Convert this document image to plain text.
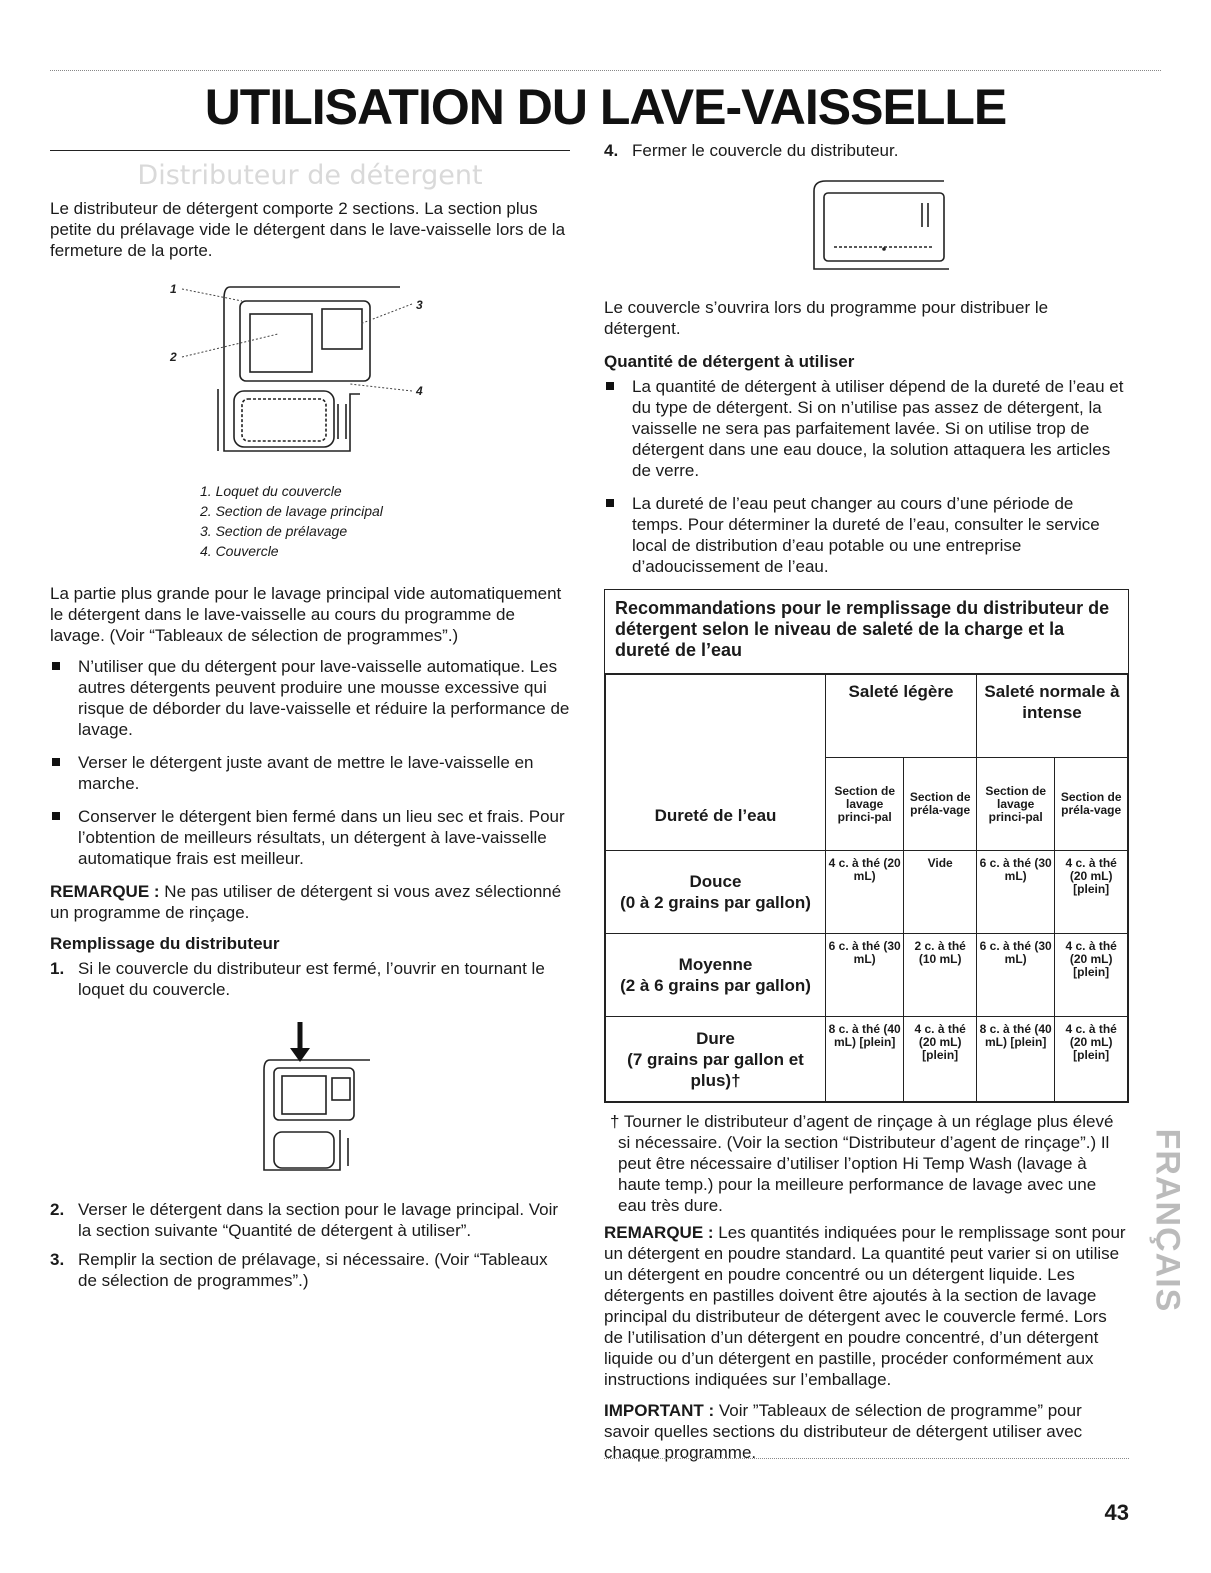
UTILISATION DU LAVE-VAISSELLE
Distributeur de détergent

Le distributeur de détergent comporte 2 sections. La section plus petite du prélavage vide le détergent dans le lave-vaisselle lors de la fermeture de la porte.

1
2
3
4
1. Loquet du couvercle
2. Section de lavage principal
3. Section de prélavage
4. Couvercle

La partie plus grande pour le lavage principal vide automatiquement le détergent dans le lave-vaisselle au cours du programme de lavage. (Voir “Tableaux de sélection de programmes”.)

N’utiliser que du détergent pour lave-vaisselle automatique. Les autres détergents peuvent produire une mousse excessive qui risque de déborder du lave-vaisselle et réduire la performance de lavage.
Verser le détergent juste avant de mettre le lave-vaisselle en marche.
Conserver le détergent bien fermé dans un lieu sec et frais. Pour l’obtention de meilleurs résultats, un détergent à lave-vaisselle automatique frais est meilleur.

REMARQUE : Ne pas utiliser de détergent si vous avez sélectionné un programme de rinçage.

Remplissage du distributeur
1. Si le couvercle du distributeur est fermé, l’ouvrir en tournant le loquet du couvercle.
2. Verser le détergent dans la section pour le lavage principal. Voir la section suivante “Quantité de détergent à utiliser”.
3. Remplir la section de prélavage, si nécessaire. (Voir “Tableaux de sélection de programmes”.)
4. Fermer le couvercle du distributeur.

Le couvercle s’ouvrira lors du programme pour distribuer le détergent.

Quantité de détergent à utiliser
La quantité de détergent à utiliser dépend de la dureté de l’eau et du type de détergent. Si on n’utilise pas assez de détergent, la vaisselle ne sera pas parfaitement lavée. Si on utilise trop de détergent dans une eau douce, la solution attaquera les articles de verre.
La dureté de l’eau peut changer au cours d’une période de temps. Pour déterminer la dureté de l’eau, consulter le service local de distribution d’eau potable ou une entreprise d’adoucissement de l’eau.
Recommandations pour le remplissage du distributeur de détergent selon le niveau de saleté de la charge et la dureté de l’eau
Dureté de l’eau	Saleté légère		Saleté normale à intense	
	Section de lavage princi-pal	Section de préla-vage	Section de lavage princi-pal	Section de préla-vage

Douce
(0 à 2 grains par gallon)	4 c. à thé (20 mL)	Vide	6 c. à thé (30 mL)	4 c. à thé (20 mL) [plein]

Moyenne
(2 à 6 grains par gallon)	6 c. à thé (30 mL)	2 c. à thé (10 mL)	6 c. à thé (30 mL)	4 c. à thé (20 mL) [plein]

Dure
(7 grains par gallon et plus)†	8 c. à thé (40 mL) [plein]	4 c. à thé (20 mL) [plein]	8 c. à thé (40 mL) [plein]	4 c. à thé (20 mL) [plein]
† Tourner le distributeur d’agent de rinçage à un réglage plus élevé si nécessaire. (Voir la section “Distributeur d’agent de rinçage”.) Il peut être nécessaire d’utiliser l’option Hi Temp Wash (lavage à haute temp.) pour la meilleure performance de lavage avec une eau très dure.

REMARQUE : Les quantités indiquées pour le remplissage sont pour un détergent en poudre standard. La quantité peut varier si on utilise un détergent en poudre concentré ou un détergent liquide. Les détergents en pastilles doivent être ajoutés à la section de lavage principal du distributeur de détergent avec le couvercle fermé. Lors de l’utilisation d’un détergent en poudre concentré, d’un détergent liquide ou d’un détergent en pastille, procéder conformément aux instructions indiquées sur l’emballage.

IMPORTANT : Voir ”Tableaux de sélection de programme” pour savoir quelles sections du distributeur de détergent utiliser avec chaque programme.

FRANÇAIS
43
